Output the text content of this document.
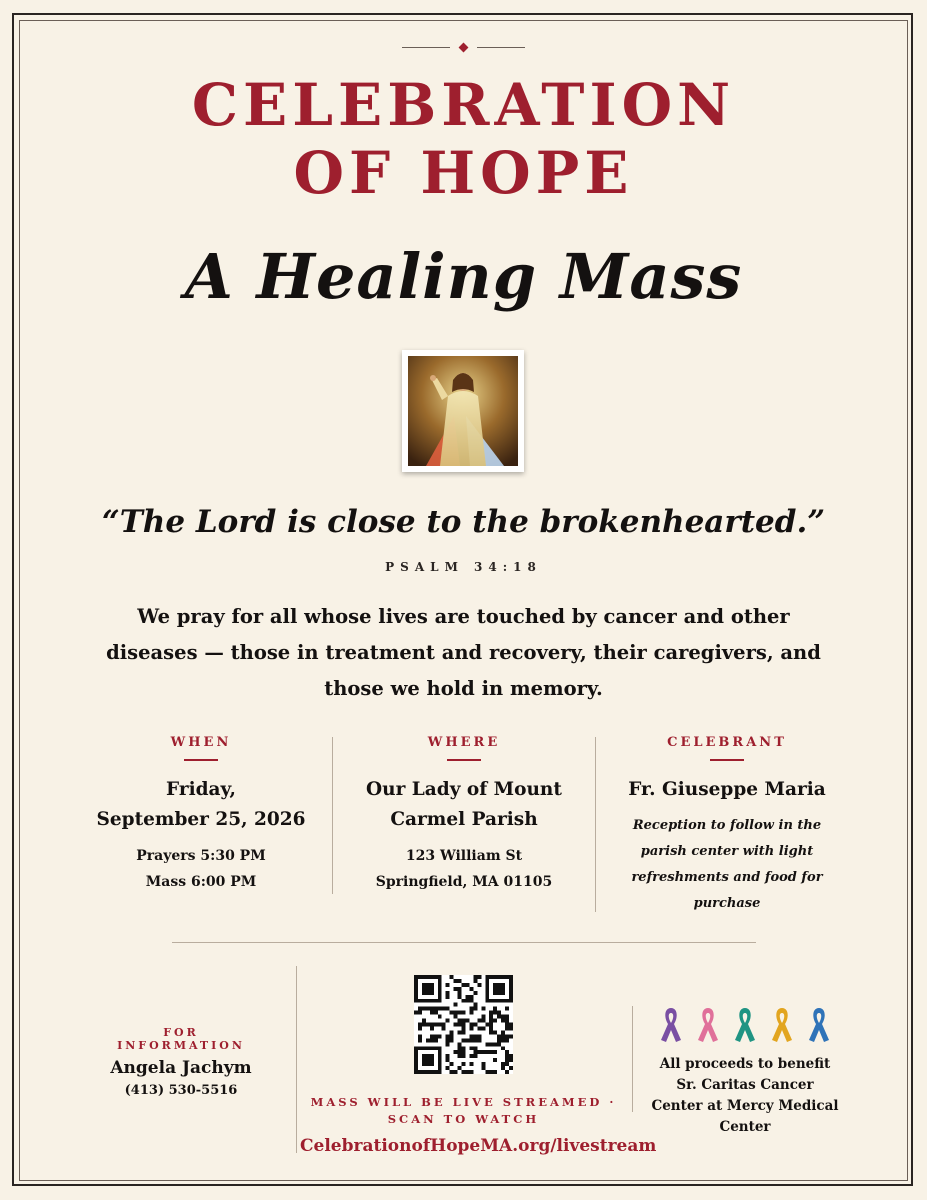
CELEBRATION
OF HOPE
A Healing Mass

“The Lord is close to the brokenhearted.”

PSALM 34:18

We pray for all whose lives are touched by cancer and other diseases — those in treatment and recovery, their caregivers, and those we hold in memory.

WHEN
Friday,
September 25, 2026
Prayers 5:30 PM
Mass 6:00 PM
WHERE
Our Lady of Mount
Carmel Parish
123 William St
Springfield, MA 01105
CELEBRANT
Fr. Giuseppe Maria
Reception to follow in the parish center with light refreshments and food for purchase
FOR INFORMATION
Angela Jachym
(413) 530-5516
MASS WILL BE LIVE STREAMED ·
SCAN TO WATCH
CelebrationofHopeMA.org/livestream
All proceeds to benefit Sr. Caritas Cancer Center at Mercy Medical Center
